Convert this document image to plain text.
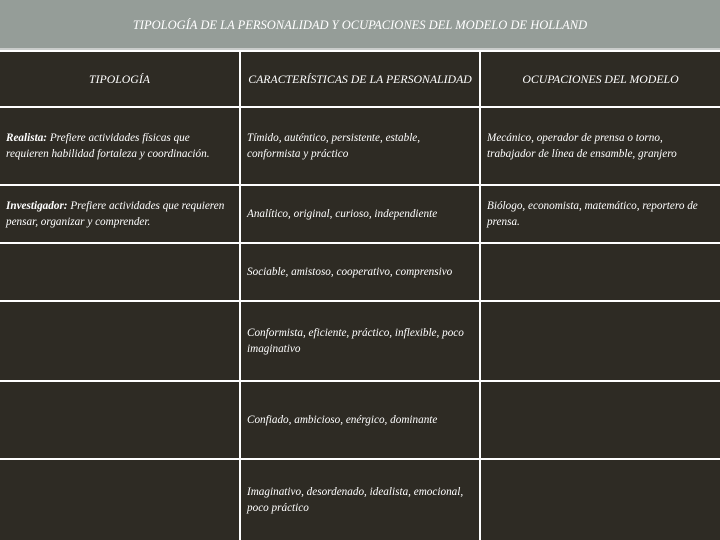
TIPOLOGÍA DE LA PERSONALIDAD Y OCUPACIONES DEL MODELO DE HOLLAND
TIPOLOGÍA	CARACTERÍSTICAS DE LA PERSONALIDAD	OCUPACIONES DEL MODELO
Realista: Prefiere actividades físicas que requieren habilidad fortaleza y coordinación.
Tímido, auténtico, persistente, estable, conformista y práctico
Mecánico, operador de prensa o torno, trabajador de línea de ensamble, granjero
Investigador: Prefiere actividades que requieren pensar, organizar y comprender.
Analítico, original, curioso, independiente
Biólogo, economista, matemático, reportero de prensa.
Sociable, amistoso, cooperativo, comprensivo
Conformista, eficiente, práctico, inflexible, poco imaginativo
Confiado, ambicioso, enérgico, dominante
Imaginativo, desordenado, idealista, emocional, poco práctico
